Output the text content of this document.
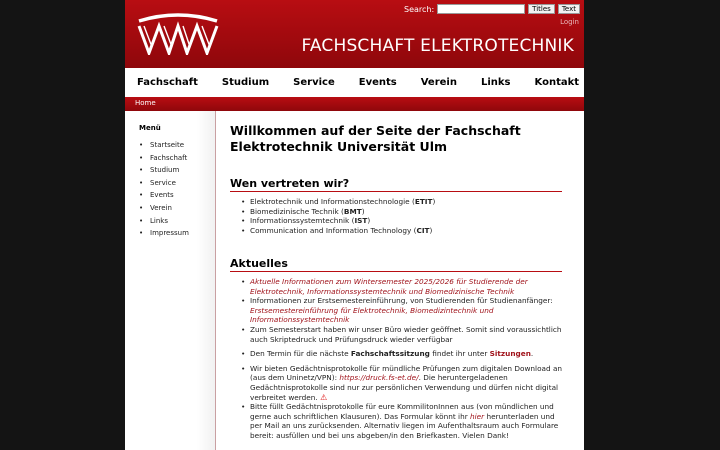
FACHSCHAFT ELEKTROTECHNIK
Search:	Titles	Text
Login
Fachschaft Studium Service Events Verein Links Kontakt
Home
Menü
• Startseite
• Fachschaft
• Studium
• Service
• Events
• Verein
• Links
• Impressum
Willkommen auf der Seite der Fachschaft Elektrotechnik Universität Ulm
Wen vertreten wir?
• Elektrotechnik und Informationstechnologie (ETIT)
• Biomedizinische Technik (BMT)
• Informationssystemtechnik (IST)
• Communication and Information Technology (CIT)
Aktuelles
• Aktuelle Informationen zum Wintersemester 2025/2026 für Studierende der Elektrotechnik, Informationssystemtechnik und Biomedizinische Technik
• Informationen zur Erstsemestereinführung, von Studierenden für Studienanfänger: Erstsemestereinführung für Elektrotechnik, Biomedizintechnik und Informationssystemtechnik
• Zum Semesterstart haben wir unser Büro wieder geöffnet. Somit sind voraussichtlich auch Skriptedruck und Prüfungsdruck wieder verfügbar
• Den Termin für die nächste Fachschaftssitzung findet ihr unter Sitzungen.
• Wir bieten Gedächtnisprotokolle für mündliche Prüfungen zum digitalen Download an (aus dem Uninetz/VPN): https://druck.fs-et.de/. Die heruntergeladenen Gedächtnisprotokolle sind nur zur persönlichen Verwendung und dürfen nicht digital verbreitet werden. ⚠
• Bitte füllt Gedächtnisprotokolle für eure KommilitonInnen aus (von mündlichen und gerne auch schriftlichen Klausuren). Das Formular könnt ihr hier herunterladen und per Mail an uns zurücksenden. Alternativ liegen im Aufenthaltsraum auch Formulare bereit: ausfüllen und bei uns abgeben/in den Briefkasten. Vielen Dank!
